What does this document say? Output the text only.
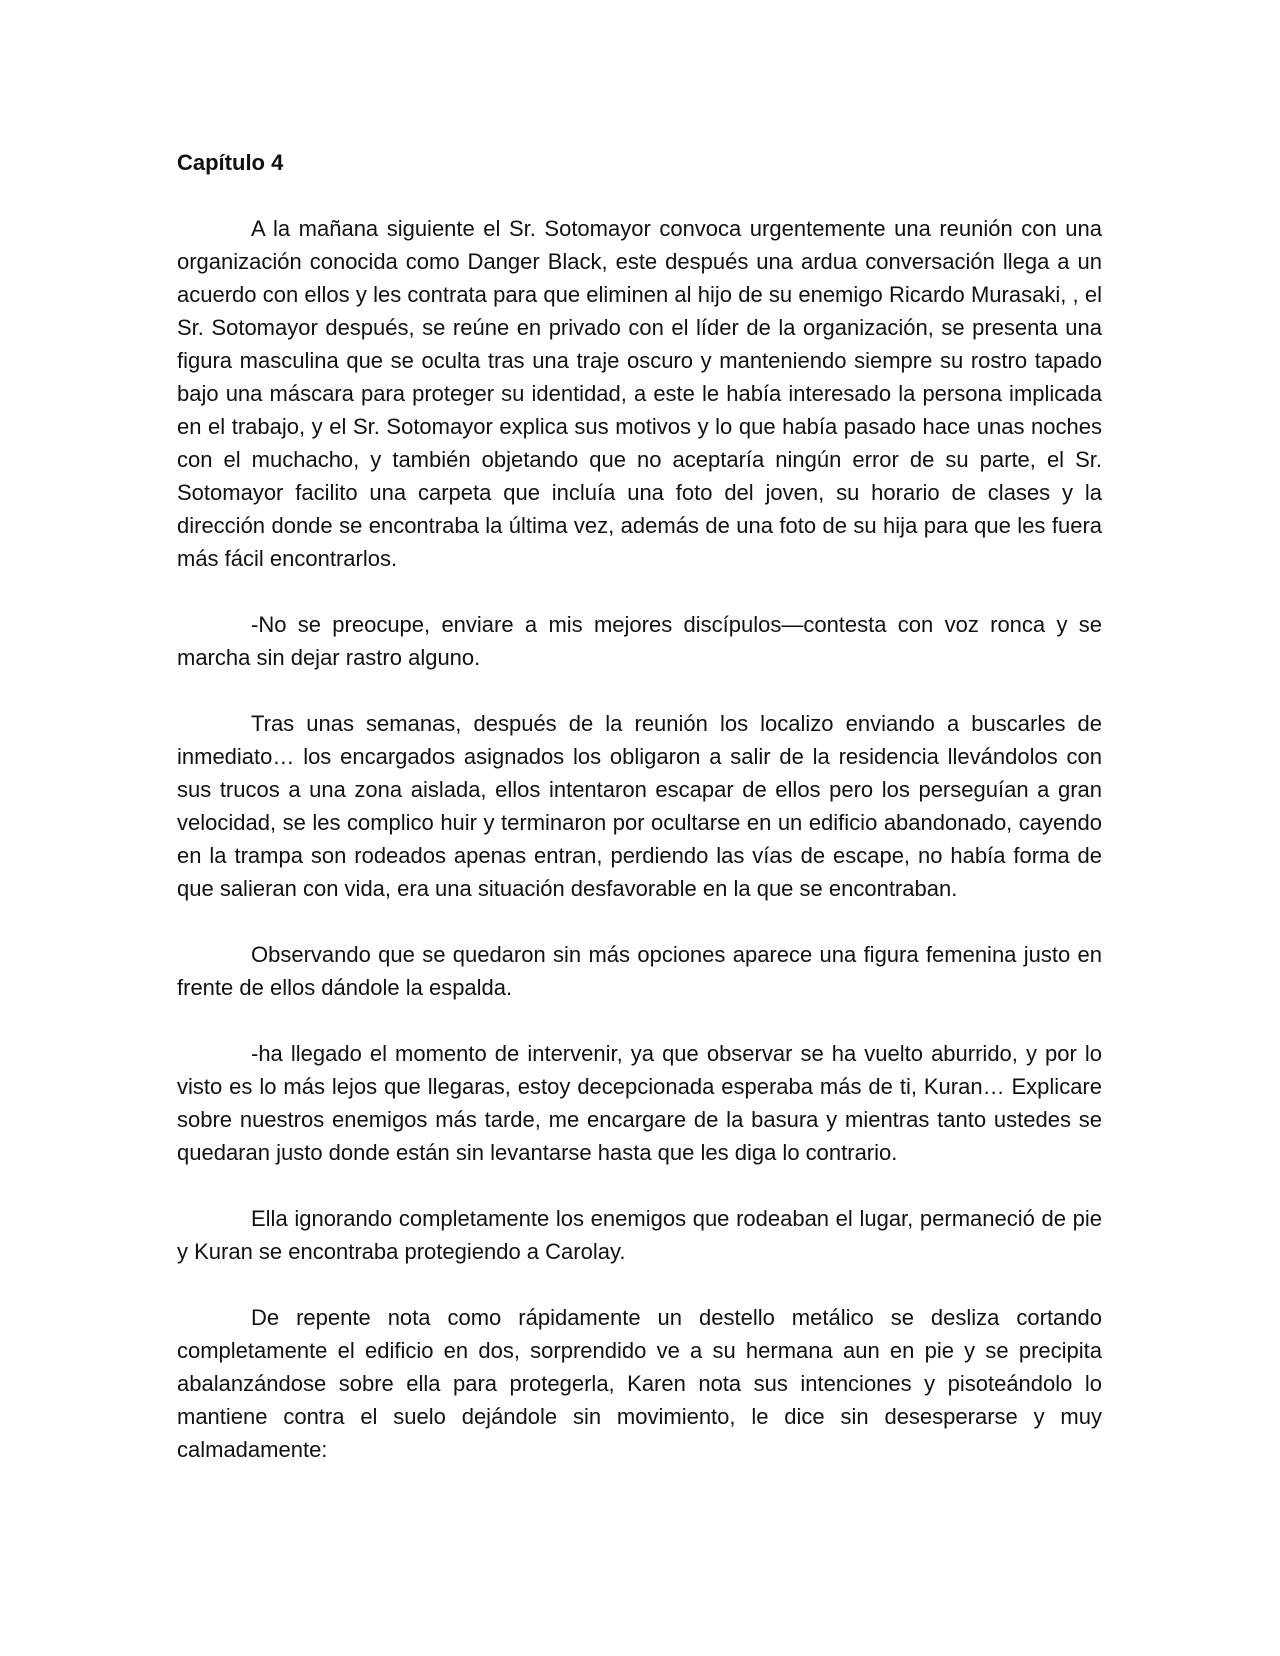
Capítulo 4

A la mañana siguiente el Sr. Sotomayor convoca urgentemente una reunión con una organización conocida como Danger Black, este después una ardua conversación llega a un acuerdo con ellos y les contrata para que eliminen al hijo de su enemigo Ricardo Murasaki, , el Sr. Sotomayor después, se reúne en privado con el líder de la organización, se presenta una figura masculina que se oculta tras una traje oscuro y manteniendo siempre su rostro tapado bajo una máscara para proteger su identidad, a este le había interesado la persona implicada en el trabajo, y el Sr. Sotomayor explica sus motivos y lo que había pasado hace unas noches con el muchacho, y también objetando que no aceptaría ningún error de su parte, el Sr. Sotomayor facilito una carpeta que incluía una foto del joven, su horario de clases y la dirección donde se encontraba la última vez, además de una foto de su hija para que les fuera más fácil encontrarlos.

-No se preocupe, enviare a mis mejores discípulos—contesta con voz ronca y se marcha sin dejar rastro alguno.

Tras unas semanas, después de la reunión los localizo enviando a buscarles de inmediato… los encargados asignados los obligaron a salir de la residencia llevándolos con sus trucos a una zona aislada, ellos intentaron escapar de ellos pero los perseguían a gran velocidad, se les complico huir y terminaron por ocultarse en un edificio abandonado, cayendo en la trampa son rodeados apenas entran, perdiendo las vías de escape, no había forma de que salieran con vida, era una situación desfavorable en la que se encontraban.

Observando que se quedaron sin más opciones aparece una figura femenina justo en frente de ellos dándole la espalda.

-ha llegado el momento de intervenir, ya que observar se ha vuelto aburrido, y por lo visto es lo más lejos que llegaras, estoy decepcionada esperaba más de ti, Kuran… Explicare sobre nuestros enemigos más tarde, me encargare de la basura y mientras tanto ustedes se quedaran justo donde están sin levantarse hasta que les diga lo contrario.

Ella ignorando completamente los enemigos que rodeaban el lugar, permaneció de pie y Kuran se encontraba protegiendo a Carolay.

De repente nota como rápidamente un destello metálico se desliza cortando completamente el edificio en dos, sorprendido ve a su hermana aun en pie y se precipita abalanzándose sobre ella para protegerla, Karen nota sus intenciones y pisoteándolo lo mantiene contra el suelo dejándole sin movimiento, le dice sin desesperarse y muy calmadamente:
